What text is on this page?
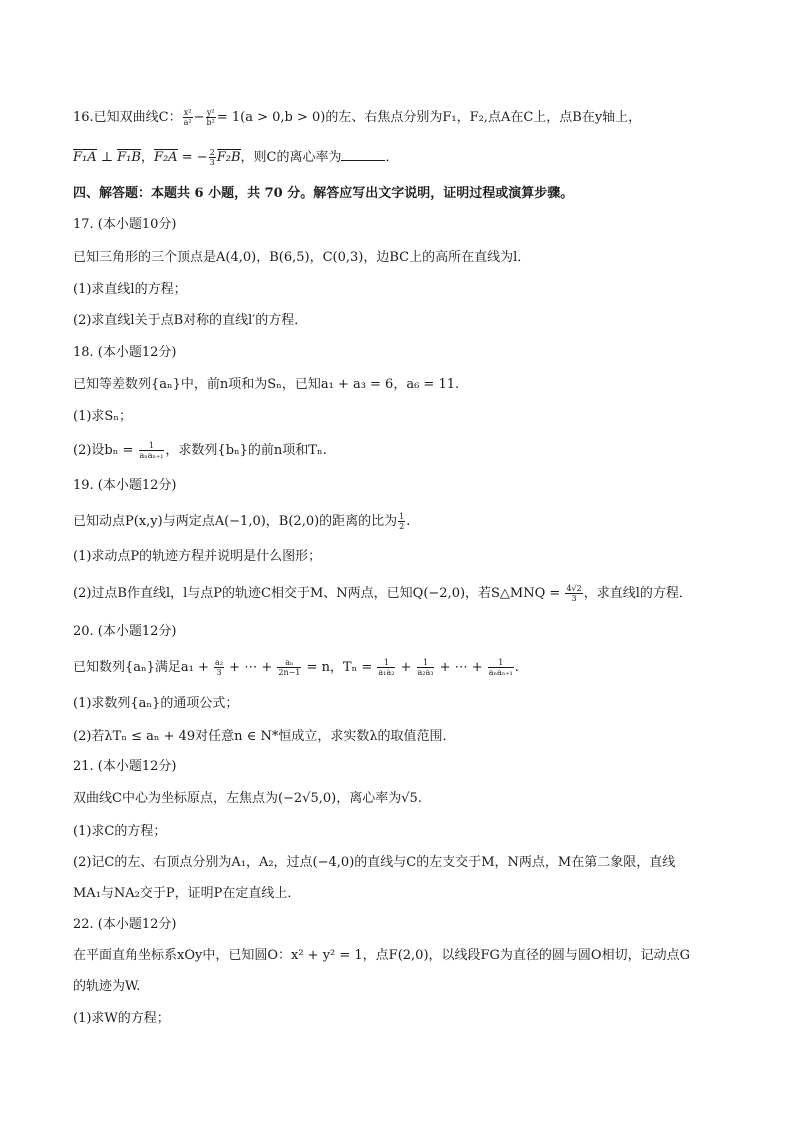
16.已知双曲线C： $\frac{\text{x²}}{\text{a²}} - \frac{\text{y²}}{\text{b²}} = 1(a > 0,b > 0)$的左、右焦点分别为F₁，F₂,点A在C上，点B在y轴上，
F₁A ⊥ F₁B，F₂A = − $\frac{2}{3} F_2B$，则C的离心率为	．
四、解答题：本题共 6 小题，共 70 分。解答应写出文字说明，证明过程或演算步骤。
17. (本小题10分)
已知三角形的三个顶点是A(4,0)，B(6,5)，C(0,3)，边BC上的高所在直线为l．
(1)求直线l的方程；
(2)求直线l关于点B对称的直线l′的方程．
18. (本小题12分)
已知等差数列{aₙ}中，前n项和为Sₙ，已知a₁ + a₃ = 6，a₆ = 11.
(1)求Sₙ；
(2)设$b_n = \frac{1}{\text{aₙaₙ₊₁}}$ ，求数列{bₙ}的前n项和Tₙ.
19. (本小题12分)
已知动点P(x,y)与两定点A(−1,0)，B(2,0)的距离的比为 $\frac{1}{2}$ .
(1)求动点P的轨迹方程并说明是什么图形；
(2)过点B作直线l，l与点P的轨迹C相交于M、N两点，已知Q(−2,0)，若S△MNQ = $\frac{4√2}{3}$ ，求直线l的方程．
20. (本小题12分)
已知数列{aₙ}满足$a_1 + \frac{\text{a₂}}{3}$ + ⋯ + $\frac{\text{aₙ}}{2n-1} = n$，$T_n = \frac{1}{\text{a₁a₂}} + \frac{1}{\text{a₂a₃}}$ + ⋯ + $\frac{1}{\text{aₙaₙ₊₁}}$ .
(1)求数列{aₙ}的通项公式；
(2)若λTₙ ≤ aₙ + 49对任意n ∈ N*恒成立，求实数λ的取值范围．
21. (本小题12分)
双曲线C中心为坐标原点，左焦点为(−2√5,0)，离心率为√5.
(1)求C的方程；
(2)记C的左、右顶点分别为A₁，A₂，过点(−4,0)的直线与C的左支交于M，N两点，M在第二象限，直线
MA₁与NA₂交于P，证明P在定直线上．
22. (本小题12分)
在平面直角坐标系xOy中，已知圆O：x² + y² = 1，点F(2,0)，以线段FG为直径的圆与圆O相切，记动点G
的轨迹为W.
(1)求W的方程；
